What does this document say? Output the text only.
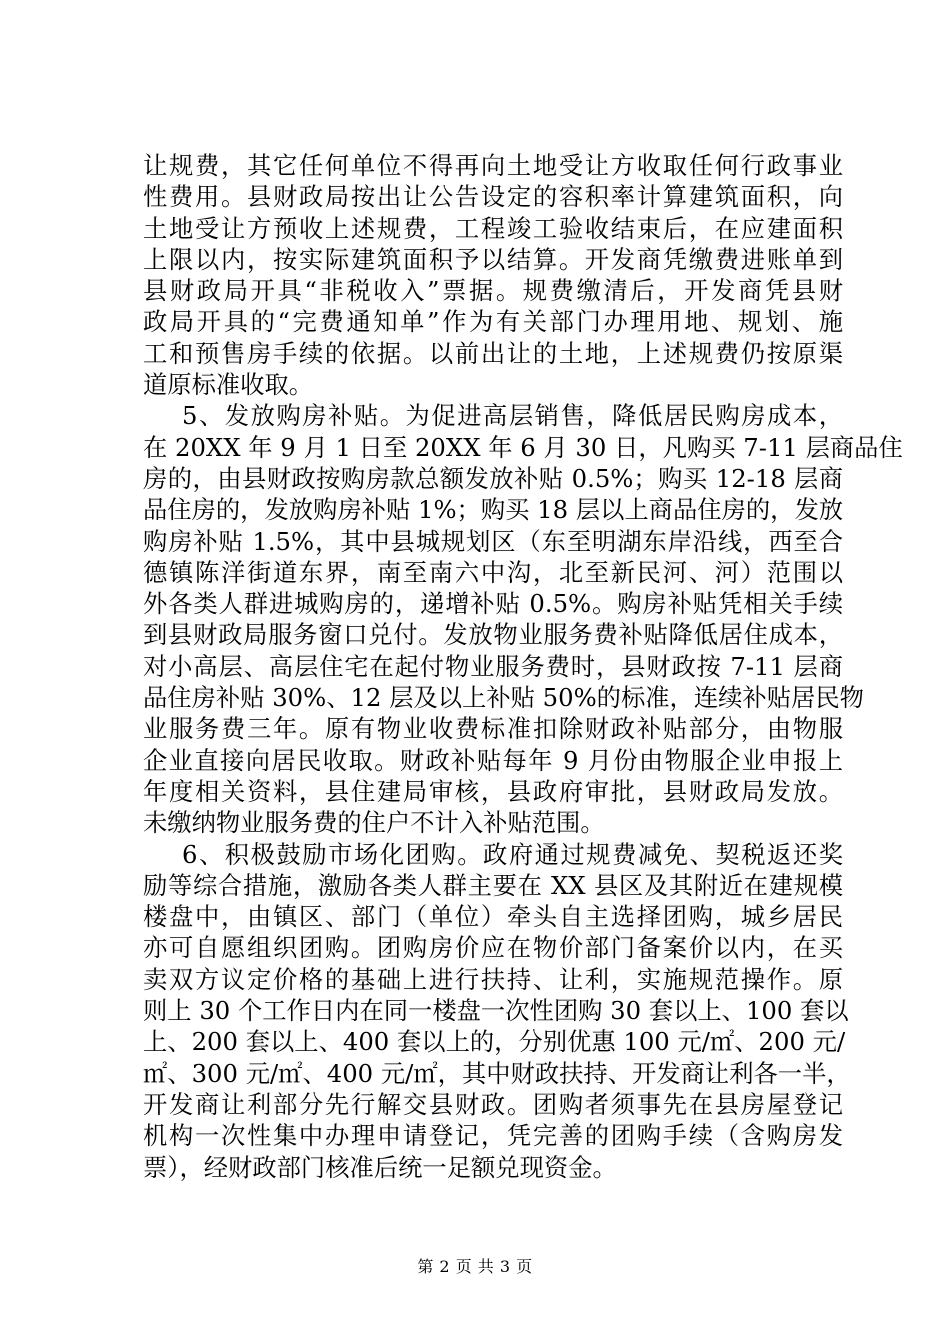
让规费，其它任何单位不得再向土地受让方收取任何行政事业
性费用。县财政局按出让公告设定的容积率计算建筑面积，向
土地受让方预收上述规费，工程竣工验收结束后，在应建面积
上限以内，按实际建筑面积予以结算。开发商凭缴费进账单到
县财政局开具“非税收入”票据。规费缴清后，开发商凭县财
政局开具的“完费通知单”作为有关部门办理用地、规划、施
工和预售房手续的依据。以前出让的土地，上述规费仍按原渠
道原标准收取。
5、发放购房补贴。为促进高层销售，降低居民购房成本，
在 20XX 年 9 月 1 日至 20XX 年 6 月 30 日，凡购买 7-11 层商品住
房的，由县财政按购房款总额发放补贴 0.5%；购买 12-18 层商
品住房的，发放购房补贴 1%；购买 18 层以上商品住房的，发放
购房补贴 1.5%，其中县城规划区（东至明湖东岸沿线，西至合
德镇陈洋街道东界，南至南六中沟，北至新民河、河）范围以
外各类人群进城购房的，递增补贴 0.5%。购房补贴凭相关手续
到县财政局服务窗口兑付。发放物业服务费补贴降低居住成本，
对小高层、高层住宅在起付物业服务费时，县财政按 7-11 层商
品住房补贴 30%、12 层及以上补贴 50%的标准，连续补贴居民物
业服务费三年。原有物业收费标准扣除财政补贴部分，由物服
企业直接向居民收取。财政补贴每年 9 月份由物服企业申报上
年度相关资料，县住建局审核，县政府审批，县财政局发放。
未缴纳物业服务费的住户不计入补贴范围。
6、积极鼓励市场化团购。政府通过规费减免、契税返还奖
励等综合措施，激励各类人群主要在 XX 县区及其附近在建规模
楼盘中，由镇区、部门（单位）牵头自主选择团购，城乡居民
亦可自愿组织团购。团购房价应在物价部门备案价以内，在买
卖双方议定价格的基础上进行扶持、让利，实施规范操作。原
则上 30 个工作日内在同一楼盘一次性团购 30 套以上、100 套以
上、200 套以上、400 套以上的，分别优惠 100 元/㎡、200 元/
㎡、300 元/㎡、400 元/㎡，其中财政扶持、开发商让利各一半，
开发商让利部分先行解交县财政。团购者须事先在县房屋登记
机构一次性集中办理申请登记，凭完善的团购手续（含购房发
票），经财政部门核准后统一足额兑现资金。
第 2 页 共 3 页
